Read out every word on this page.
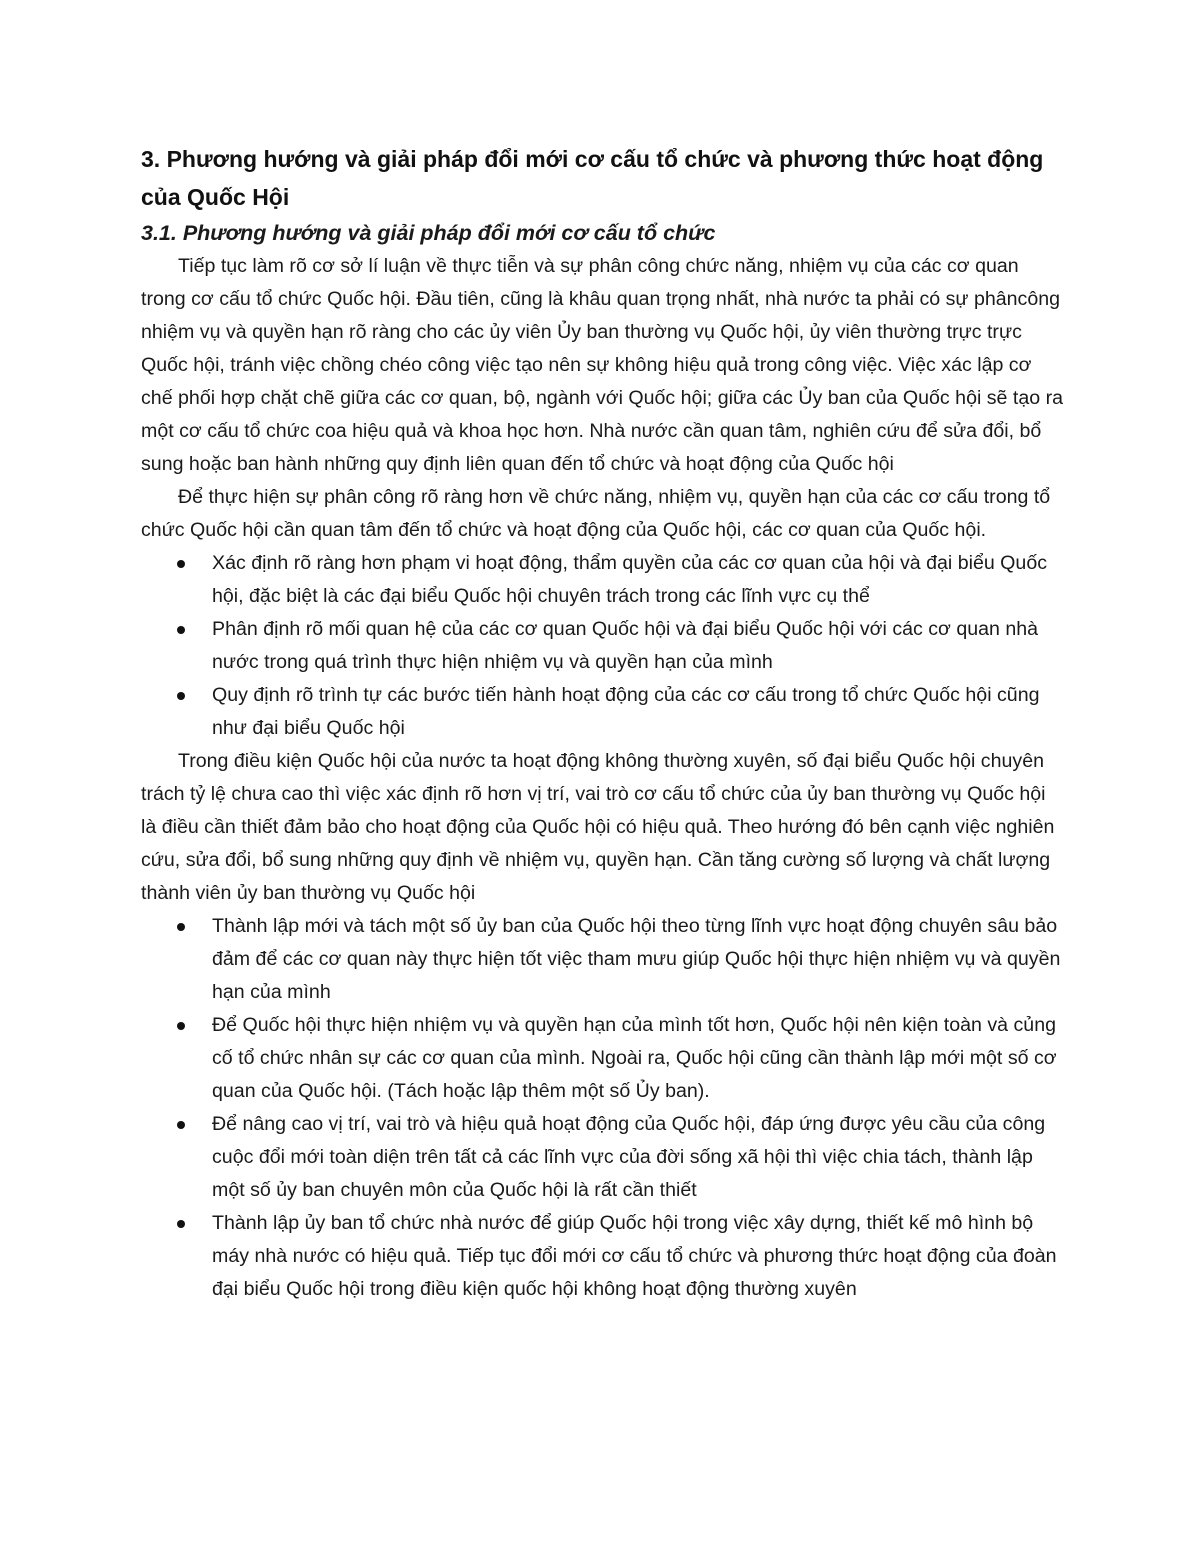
3. Phương hướng và giải pháp đổi mới cơ cấu tổ chức và phương thức hoạt động của Quốc Hội
3.1. Phương hướng và giải pháp đổi mới cơ cấu tổ chức

Tiếp tục làm rõ cơ sở lí luận về thực tiễn và sự phân công chức năng, nhiệm vụ của các cơ quan trong cơ cấu tổ chức Quốc hội. Đầu tiên, cũng là khâu quan trọng nhất, nhà nước ta phải có sự phâncông nhiệm vụ và quyền hạn rõ ràng cho các ủy viên Ủy ban thường vụ Quốc hội, ủy viên thường trực trực Quốc hội, tránh việc chồng chéo công việc tạo nên sự không hiệu quả trong công việc. Việc xác lập cơ chế phối hợp chặt chẽ giữa các cơ quan, bộ, ngành với Quốc hội; giữa các Ủy ban của Quốc hội sẽ tạo ra một cơ cấu tổ chức coa hiệu quả và khoa học hơn. Nhà nước cần quan tâm, nghiên cứu để sửa đổi, bổ sung hoặc ban hành những quy định liên quan đến tổ chức và hoạt động của Quốc hội

Để thực hiện sự phân công rõ ràng hơn về chức năng, nhiệm vụ, quyền hạn của các cơ cấu trong tổ chức Quốc hội cần quan tâm đến tổ chức và hoạt động của Quốc hội, các cơ quan của Quốc hội.

Xác định rõ ràng hơn phạm vi hoạt động, thẩm quyền của các cơ quan của hội và đại biểu Quốc hội, đặc biệt là các đại biểu Quốc hội chuyên trách trong các lĩnh vực cụ thể
Phân định rõ mối quan hệ của các cơ quan Quốc hội và đại biểu Quốc hội với các cơ quan nhà nước trong quá trình thực hiện nhiệm vụ và quyền hạn của mình
Quy định rõ trình tự các bước tiến hành hoạt động của các cơ cấu trong tổ chức Quốc hội cũng như đại biểu Quốc hội

Trong điều kiện Quốc hội của nước ta hoạt động không thường xuyên, số đại biểu Quốc hội chuyên trách tỷ lệ chưa cao thì việc xác định rõ hơn vị trí, vai trò cơ cấu tổ chức của ủy ban thường vụ Quốc hội là điều cần thiết đảm bảo cho hoạt động của Quốc hội có hiệu quả. Theo hướng đó bên cạnh việc nghiên cứu, sửa đổi, bổ sung những quy định về nhiệm vụ, quyền hạn. Cần tăng cường số lượng và chất lượng thành viên ủy ban thường vụ Quốc hội

Thành lập mới và tách một số ủy ban của Quốc hội theo từng lĩnh vực hoạt động chuyên sâu bảo đảm để các cơ quan này thực hiện tốt việc tham mưu giúp Quốc hội thực hiện nhiệm vụ và quyền hạn của mình
Để Quốc hội thực hiện nhiệm vụ và quyền hạn của mình tốt hơn, Quốc hội nên kiện toàn và củng cố tổ chức nhân sự các cơ quan của mình. Ngoài ra, Quốc hội cũng cần thành lập mới một số cơ quan của Quốc hội. (Tách hoặc lập thêm một số Ủy ban).
Để nâng cao vị trí, vai trò và hiệu quả hoạt động của Quốc hội, đáp ứng được yêu cầu của công cuộc đổi mới toàn diện trên tất cả các lĩnh vực của đời sống xã hội thì việc chia tách, thành lập một số ủy ban chuyên môn của Quốc hội là rất cần thiết
Thành lập ủy ban tổ chức nhà nước để giúp Quốc hội trong việc xây dựng, thiết kế mô hình bộ máy nhà nước có hiệu quả. Tiếp tục đổi mới cơ cấu tổ chức và phương thức hoạt động của đoàn đại biểu Quốc hội trong điều kiện quốc hội không hoạt động thường xuyên
